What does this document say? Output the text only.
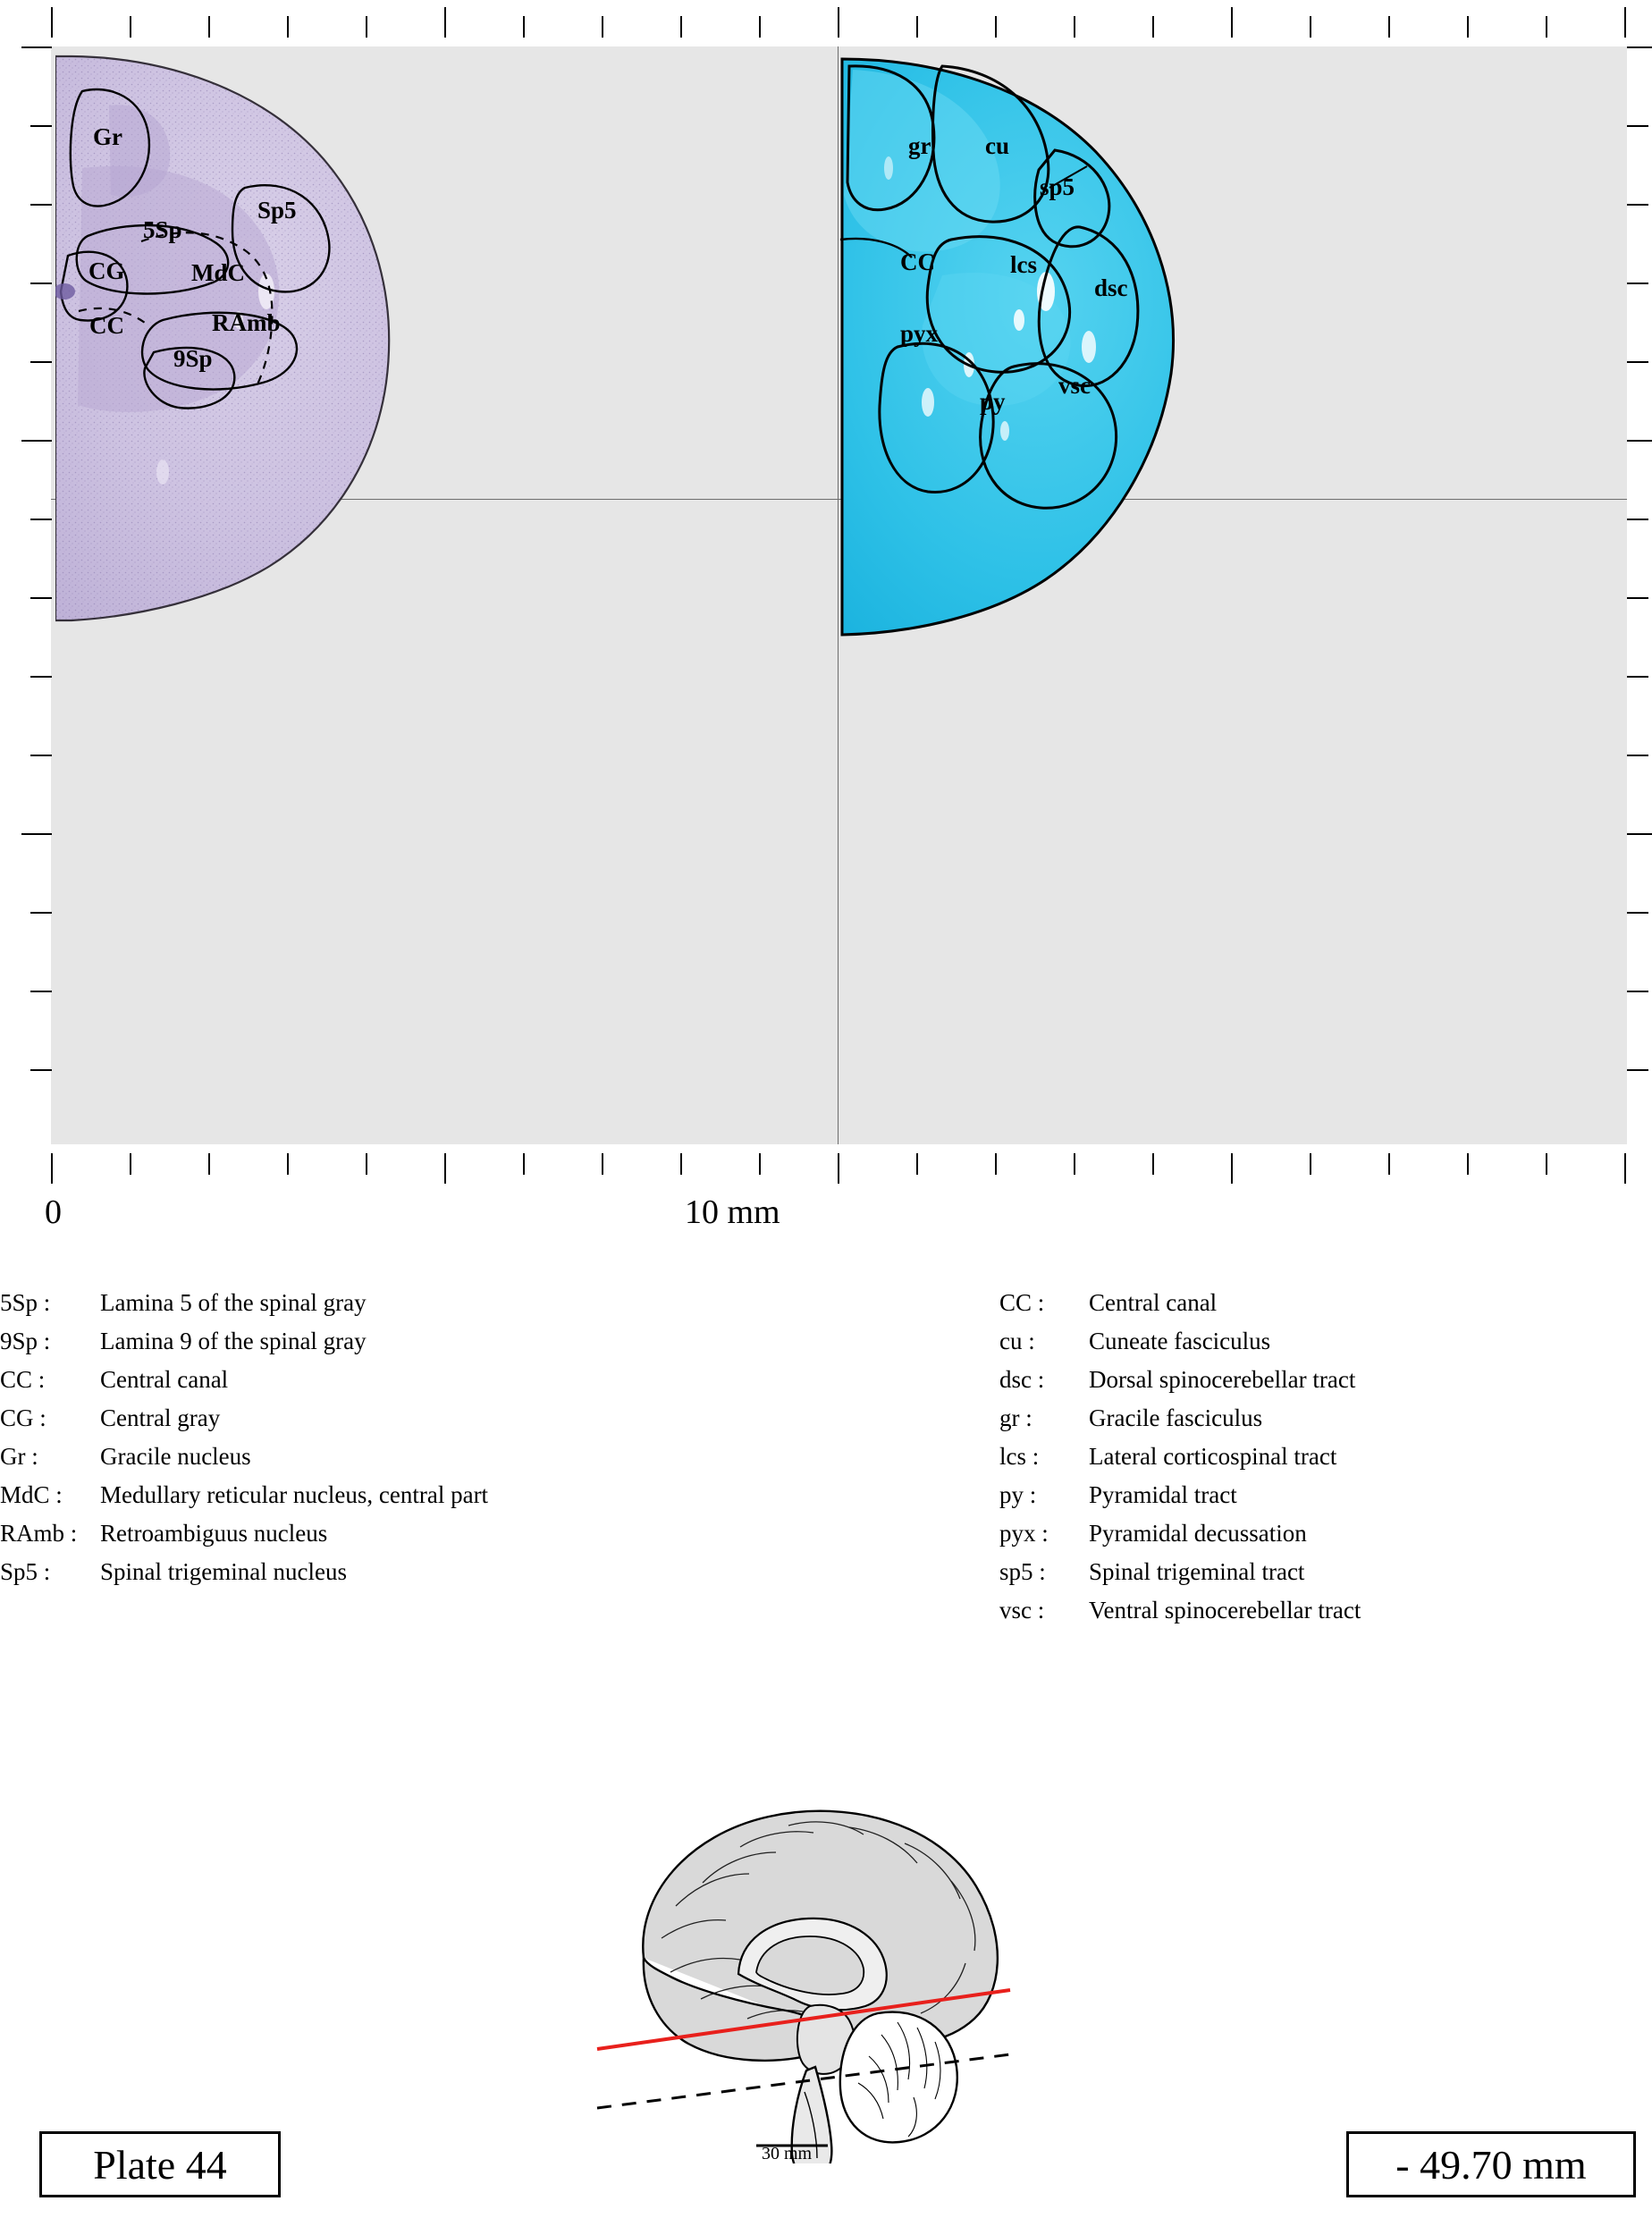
Gr
5Sp
Sp5
CG	MdC
CC	RAmb
9Sp
gr cu
sp5
CC	lcs
dsc
pyx
py
vsc
0	10 mm
5Sp :	Lamina 5 of the spinal gray
9Sp :	Lamina 9 of the spinal gray
CC :	Central canal
CG :	Central gray
Gr :	Gracile nucleus
MdC :	Medullary reticular nucleus, central part
RAmb : Retroambiguus nucleus
Sp5 :	Spinal trigeminal nucleus
CC :	Central canal
cu :	Cuneate fasciculus
dsc :	Dorsal spinocerebellar tract
gr :	Gracile fasciculus
lcs :	Lateral corticospinal tract
py :	Pyramidal tract
pyx :	Pyramidal decussation
sp5 :	Spinal trigeminal tract
vsc :	Ventral spinocerebellar tract
30 mm
Plate 44	- 49.70 mm
